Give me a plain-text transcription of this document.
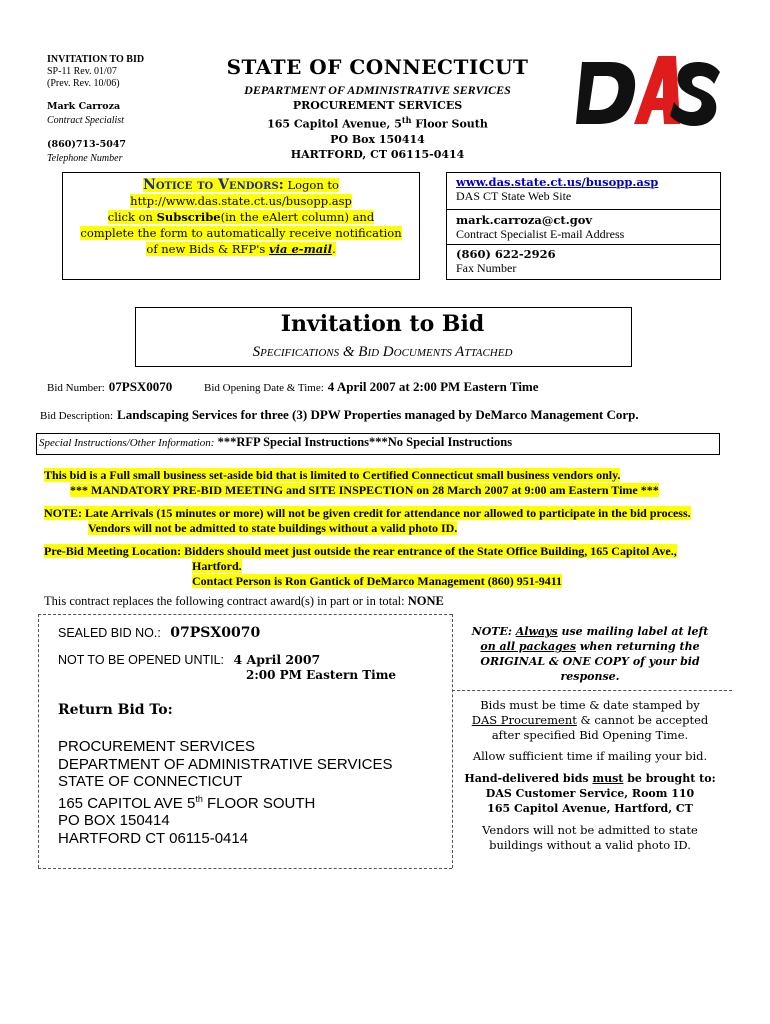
INVITATION TO BID
SP-11 Rev. 01/07
(Prev. Rev. 10/06)
Mark Carroza
Contract Specialist
(860)713-5047
Telephone Number
STATE OF CONNECTICUT
DEPARTMENT OF ADMINISTRATIVE SERVICES
PROCUREMENT SERVICES
165 Capitol Avenue, 5th Floor South
PO Box 150414
HARTFORD, CT 06115-0414
Notice to Vendors: Logon to
http://www.das.state.ct.us/busopp.asp
click on Subscribe(in the eAlert column) and
complete the form to automatically receive notification
of new Bids & RFP's via e-mail.
www.das.state.ct.us/busopp.asp
DAS CT State Web Site
mark.carroza@ct.gov
Contract Specialist E-mail Address
(860) 622-2926
Fax Number
Invitation to Bid
Specifications & Bid Documents Attached
Bid Number: 07PSX0070	Bid Opening Date & Time: 4 April 2007 at 2:00 PM Eastern Time
Bid Description: Landscaping Services for three (3) DPW Properties managed by DeMarco Management Corp.
Special Instructions/Other Information: ***RFP Special Instructions***No Special Instructions
This bid is a Full small business set-aside bid that is limited to Certified Connecticut small business vendors only.
*** MANDATORY PRE-BID MEETING and SITE INSPECTION on 28 March 2007 at 9:00 am Eastern Time ***
NOTE: Late Arrivals (15 minutes or more) will not be given credit for attendance nor allowed to participate in the bid process.
Vendors will not be admitted to state buildings without a valid photo ID.
Pre-Bid Meeting Location: Bidders should meet just outside the rear entrance of the State Office Building, 165 Capitol Ave.,
Hartford.
Contact Person is Ron Gantick of DeMarco Management (860) 951-9411
This contract replaces the following contract award(s) in part or in total: NONE
SEALED BID NO.: 07PSX0070
NOT TO BE OPENED UNTIL: 4 April 2007
2:00 PM Eastern Time
Return Bid To:
PROCUREMENT SERVICES
DEPARTMENT OF ADMINISTRATIVE SERVICES
STATE OF CONNECTICUT
165 CAPITOL AVE 5th FLOOR SOUTH
PO BOX 150414
HARTFORD CT 06115-0414
NOTE: Always use mailing label at left
on all packages when returning the
ORIGINAL & ONE COPY of your bid
response.
Bids must be time & date stamped by
DAS Procurement & cannot be accepted
after specified Bid Opening Time.
Allow sufficient time if mailing your bid.
Hand-delivered bids must be brought to:
DAS Customer Service, Room 110
165 Capitol Avenue, Hartford, CT
Vendors will not be admitted to state
buildings without a valid photo ID.
